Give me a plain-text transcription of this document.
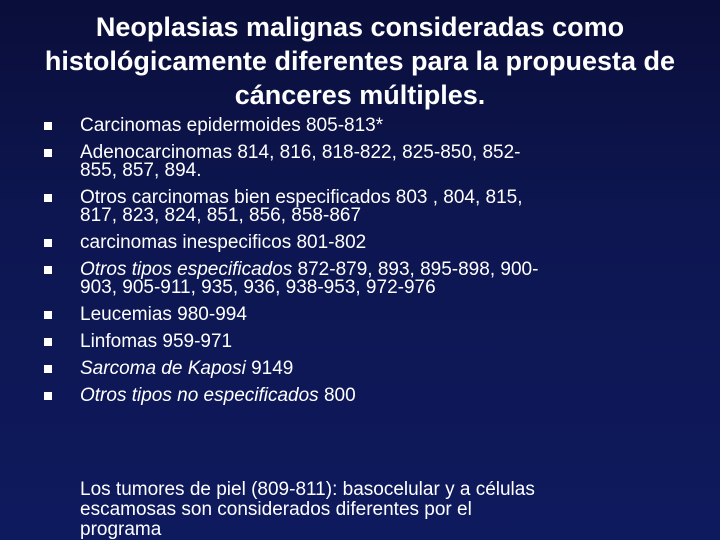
Neoplasias malignas consideradas como
histológicamente diferentes para la propuesta de
cánceres múltiples.
Carcinomas epidermoides 805-813*
Adenocarcinomas 814, 816, 818-822, 825-850, 852-
855, 857, 894.
Otros carcinomas bien especificados 803 , 804, 815,
817, 823, 824, 851, 856, 858-867
carcinomas inespecificos 801-802
Otros tipos especificados 872-879, 893, 895-898, 900-
903, 905-911, 935, 936, 938-953, 972-976
Leucemias 980-994
Linfomas 959-971
Sarcoma de Kaposi 9149
Otros tipos no especificados 800
Los tumores de piel (809-811): basocelular y a células
escamosas son considerados diferentes por el
programa
